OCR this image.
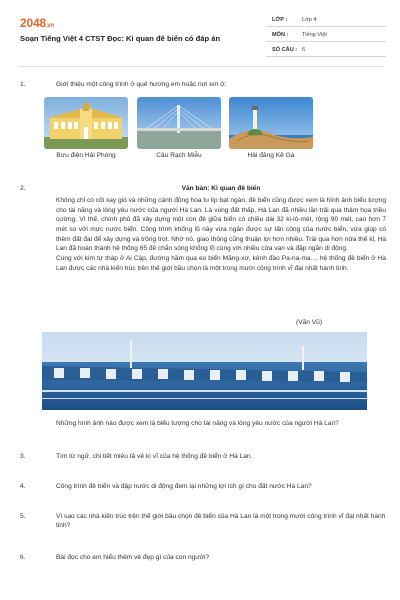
2048.vn
Soạn Tiếng Việt 4 CTST Đọc: Kì quan đê biển có đáp án
LỚP :	Lớp 4
MÔN : Tiếng Việt
SỐ CÂU : 6
1.	Giới thiệu một công trình ở quê hương em hoặc nơi em ở.
Bưu điện Hải Phòng	Cầu Rạch Miễu	Hải đăng Kê Gà
2.	Văn bản: Kì quan đê biển

Không chỉ có cối xay gió và những cánh đồng hoa tu líp bạt ngàn, đê biển cũng được xem là hình ảnh biểu tượng cho tài năng và lòng yêu nước của người Hà Lan. Là vùng đất thấp, Hà Lan đã nhiều lần trải qua thảm họa triều cường. Vì thế, chính phủ đã xây dựng một con đê giữa biển có chiều dài 32 ki-lô-mét, rộng 90 mét, cao hơn 7 mét so với mực nước biển. Công trình khổng lồ này vừa ngăn được sự tấn công của nước biển, vừa giúp có thêm đất đai để xây dựng và trồng trọt. Nhờ nó, giao thông cũng thuận lợi hơn nhiều. Trải qua hơn nửa thế kỉ, Hà Lan đã hoàn thành hệ thống 65 đê chắn sóng khổng lồ cùng với nhiều cửa van và đập ngăn di động.

Cùng với kim tự tháp ở Ai Cập, đường hầm qua eo biển Măng-xơ, kênh đào Pa-na-ma..., hệ thống đê biển ở Hà Lan được các nhà kiến trúc trên thế giới bầu chọn là một trong mười công trình vĩ đại nhất hành tinh.

(Văn Vũ)
Những hình ảnh nào được xem là biểu tượng cho tài năng và lòng yêu nước của người Hà Lan?
3.	Tìm từ ngữ, chi tiết miêu tả vẻ kì vĩ của hệ thống đê biển ở Hà Lan.
4.	Công trình đê biển và đập nước di động đem lại những lợi ích gì cho đất nước Hà Lan?
5.	Vì sao các nhà kiến trúc trên thế giới bầu chọn đê biển của Hà Lan là một trong mười công trình vĩ đại nhất hành tinh?
6.	Bài đọc cho em hiểu thêm vẻ đẹp gì của con người?
